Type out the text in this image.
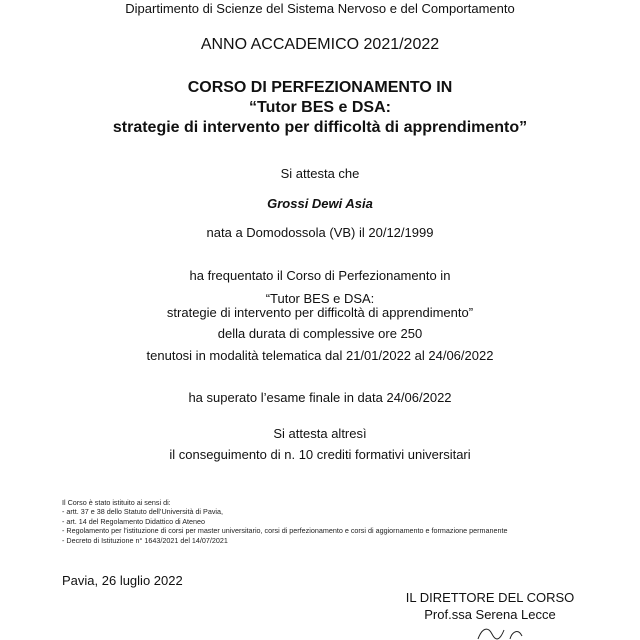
Dipartimento di Scienze del Sistema Nervoso e del Comportamento
ANNO ACCADEMICO 2021/2022
CORSO DI PERFEZIONAMENTO IN
“Tutor BES e DSA:
strategie di intervento per difficoltà di apprendimento”
Si attesta che
Grossi Dewi Asia
nata a Domodossola (VB) il 20/12/1999
ha frequentato il Corso di Perfezionamento in
“Tutor BES e DSA:
strategie di intervento per difficoltà di apprendimento”
della durata di complessive ore 250
tenutosi in modalità telematica dal 21/01/2022 al 24/06/2022
ha superato l’esame finale in data 24/06/2022
Si attesta altresì
il conseguimento di n. 10 crediti formativi universitari
Il Corso è stato istituito ai sensi di:
- artt. 37 e 38 dello Statuto dell’Università di Pavia,
- art. 14 del Regolamento Didattico di Ateneo
- Regolamento per l’istituzione di corsi per master universitario, corsi di perfezionamento e corsi di aggiornamento e formazione permanente
- Decreto di Istituzione n° 1643/2021 del 14/07/2021
Pavia, 26 luglio 2022
IL DIRETTORE DEL CORSO
Prof.ssa Serena Lecce
